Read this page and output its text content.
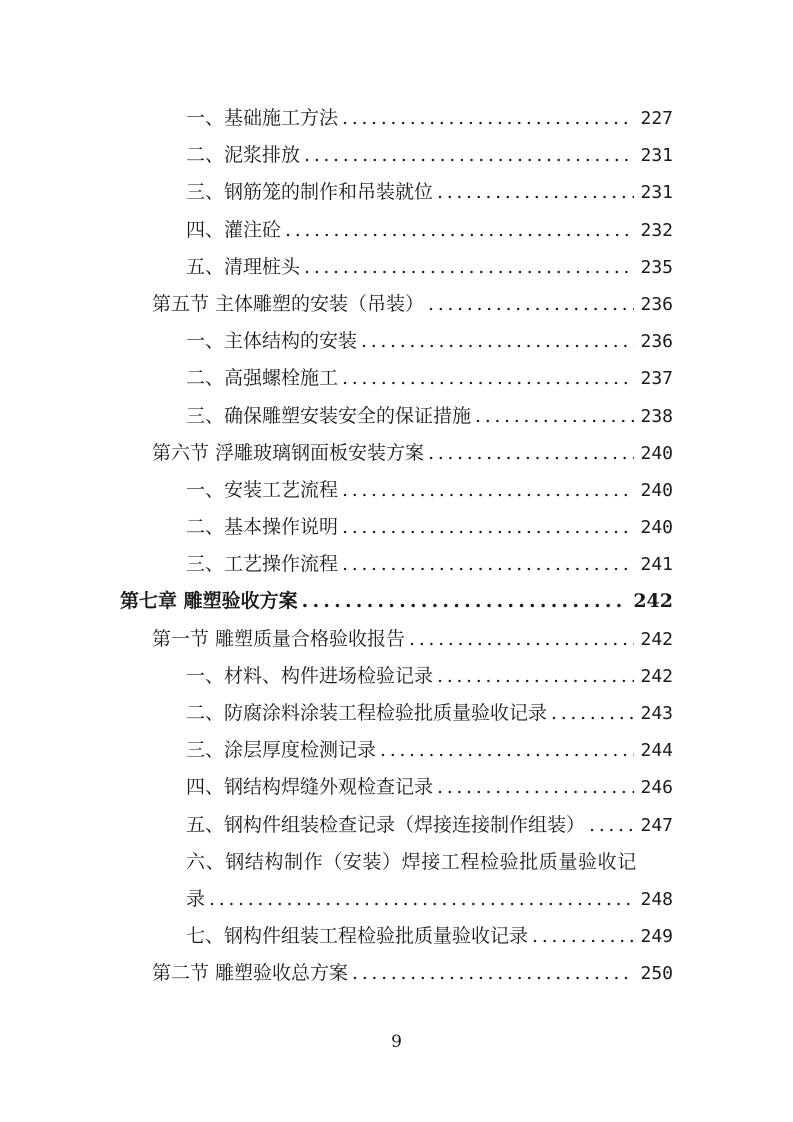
一、基础施工方法 . . .	227
二、泥浆排放 . . .	231
三、钢筋笼的制作和吊装就位 . . .	231
四、灌注砼 . . .	232
五、清理桩头 . . .	235
第五节 主体雕塑的安装（吊装） . . .	236
一、主体结构的安装 . . .	236
二、高强螺栓施工 . . .	237
三、确保雕塑安装安全的保证措施 . . .	238
第六节 浮雕玻璃钢面板安装方案 . . .	240
一、安装工艺流程 . . .	240
二、基本操作说明 . . .	240
三、工艺操作流程 . . .	241
第七章 雕塑验收方案 . . .	242
第一节 雕塑质量合格验收报告 . . .	242
一、材料、构件进场检验记录 . . .	242
二、防腐涂料涂装工程检验批质量验收记录 . . .	243
三、涂层厚度检测记录 . . .	244
四、钢结构焊缝外观检查记录 . . .	246
五、钢构件组装检查记录（焊接连接制作组装） . . .	247
六、钢结构制作（安装）焊接工程检验批质量验收记
录 . . .	248
七、钢构件组装工程检验批质量验收记录 . . .	249
第二节 雕塑验收总方案 . . .	250
9
